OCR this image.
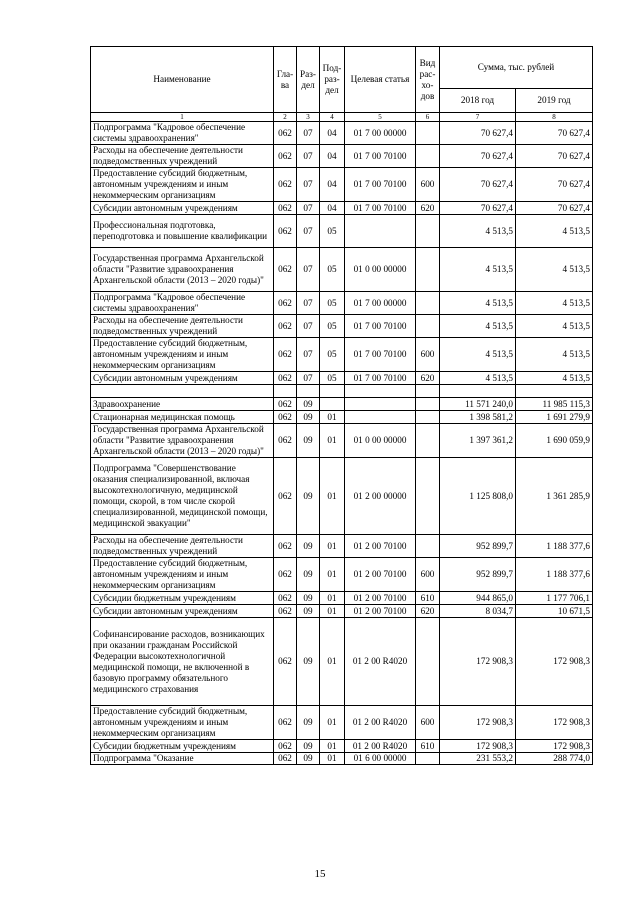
Наименование	Гла-ва	Раз-дел	Под-раз-дел	Целевая статья	Вид рас-хо-дов	Сумма, тыс. рублей	
						2018 год	2019 год
1	2	3	4	5	6	7	8
Подпрограмма "Кадровое обеспечение системы здравоохранения"	062	07	04	01 7 00 00000		70 627,4	70 627,4
Расходы на обеспечение деятельности подведомственных учреждений	062	07	04	01 7 00 70100		70 627,4	70 627,4
Предоставление субсидий бюджетным, автономным учреждениям и иным некоммерческим организациям	062	07	04	01 7 00 70100	600	70 627,4	70 627,4
Субсидии автономным учреждениям	062	07	04	01 7 00 70100	620	70 627,4	70 627,4
Профессиональная подготовка, переподготовка и повышение квалификации	062	07	05			4 513,5	4 513,5
Государственная программа Архангельской области "Развитие здравоохранения Архангельской области (2013 – 2020 годы)"	062	07	05	01 0 00 00000		4 513,5	4 513,5
Подпрограмма "Кадровое обеспечение системы здравоохранения"	062	07	05	01 7 00 00000		4 513,5	4 513,5
Расходы на обеспечение деятельности подведомственных учреждений	062	07	05	01 7 00 70100		4 513,5	4 513,5
Предоставление субсидий бюджетным, автономным учреждениям и иным некоммерческим организациям	062	07	05	01 7 00 70100	600	4 513,5	4 513,5
Субсидии автономным учреждениям	062	07	05	01 7 00 70100	620	4 513,5	4 513,5

Здравоохранение	062	09				11 571 240,0	11 985 115,3
Стационарная медицинская помощь	062	09	01			1 398 581,2	1 691 279,9
Государственная программа Архангельской области "Развитие здравоохранения Архангельской области (2013 – 2020 годы)"	062	09	01	01 0 00 00000		1 397 361,2	1 690 059,9
Подпрограмма "Совершенствование оказания специализированной, включая высокотехнологичную, медицинской помощи, скорой, в том числе скорой специализированной, медицинской помощи, медицинской эвакуации"	062	09	01	01 2 00 00000		1 125 808,0	1 361 285,9
Расходы на обеспечение деятельности подведомственных учреждений	062	09	01	01 2 00 70100		952 899,7	1 188 377,6
Предоставление субсидий бюджетным, автономным учреждениям и иным некоммерческим организациям	062	09	01	01 2 00 70100	600	952 899,7	1 188 377,6
Субсидии бюджетным учреждениям	062	09	01	01 2 00 70100	610	944 865,0	1 177 706,1
Субсидии автономным учреждениям	062	09	01	01 2 00 70100	620	8 034,7	10 671,5
Софинансирование расходов, возникающих при оказании гражданам Российской Федерации высокотехнологичной медицинской помощи, не включенной в базовую программу обязательного медицинского страхования	062	09	01	01 2 00 R4020		172 908,3	172 908,3
Предоставление субсидий бюджетным, автономным учреждениям и иным некоммерческим организациям	062	09	01	01 2 00 R4020	600	172 908,3	172 908,3
Субсидии бюджетным учреждениям	062	09	01	01 2 00 R4020	610	172 908,3	172 908,3
Подпрограмма "Оказание	062	09	01	01 6 00 00000		231 553,2	288 774,0
15
